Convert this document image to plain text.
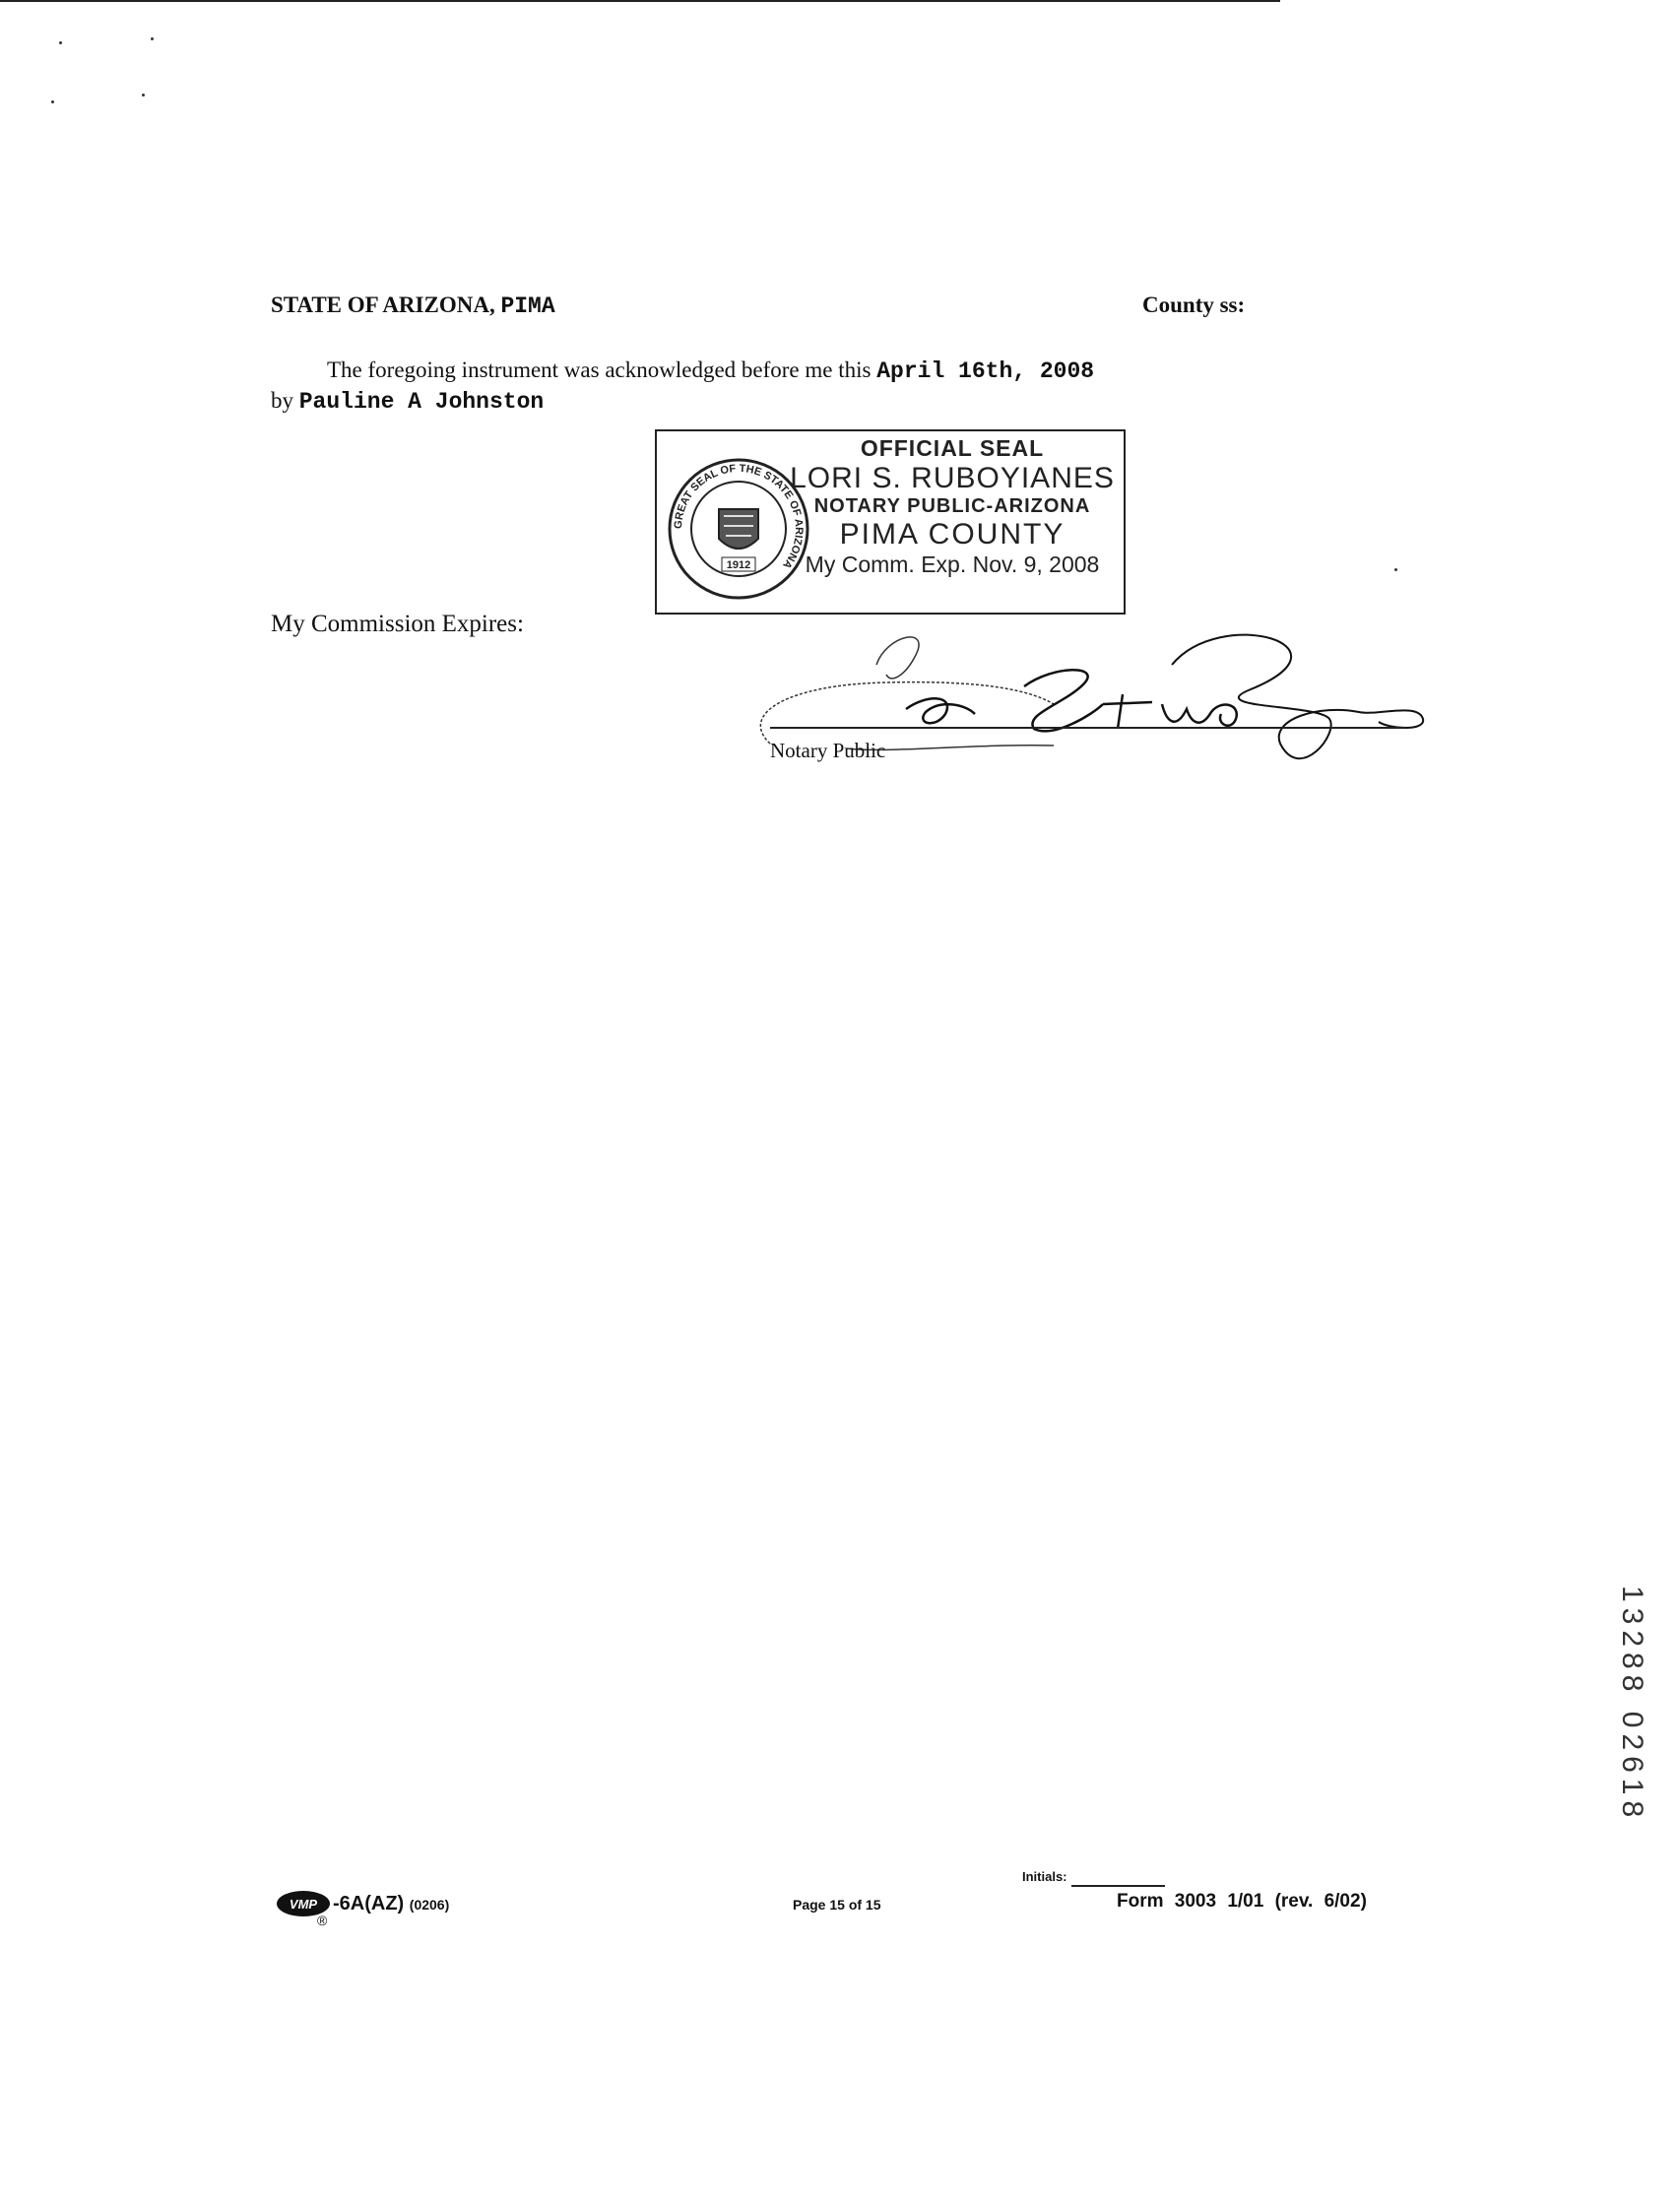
STATE OF ARIZONA, PIMA	County ss:
The foregoing instrument was acknowledged before me this April 16th, 2008
by Pauline A Johnston
GREAT SEAL OF THE STATE OF ARIZONA
1912
OFFICIAL SEAL
LORI S. RUBOYIANES
NOTARY PUBLIC-ARIZONA
PIMA COUNTY
My Comm. Exp. Nov. 9, 2008
My Commission Expires:
Notary Public
13288 02618
VMP
®
-6A(AZ) (0206)	Page 15 of 15
Initials:
Form 3003 1/01 (rev. 6/02)
